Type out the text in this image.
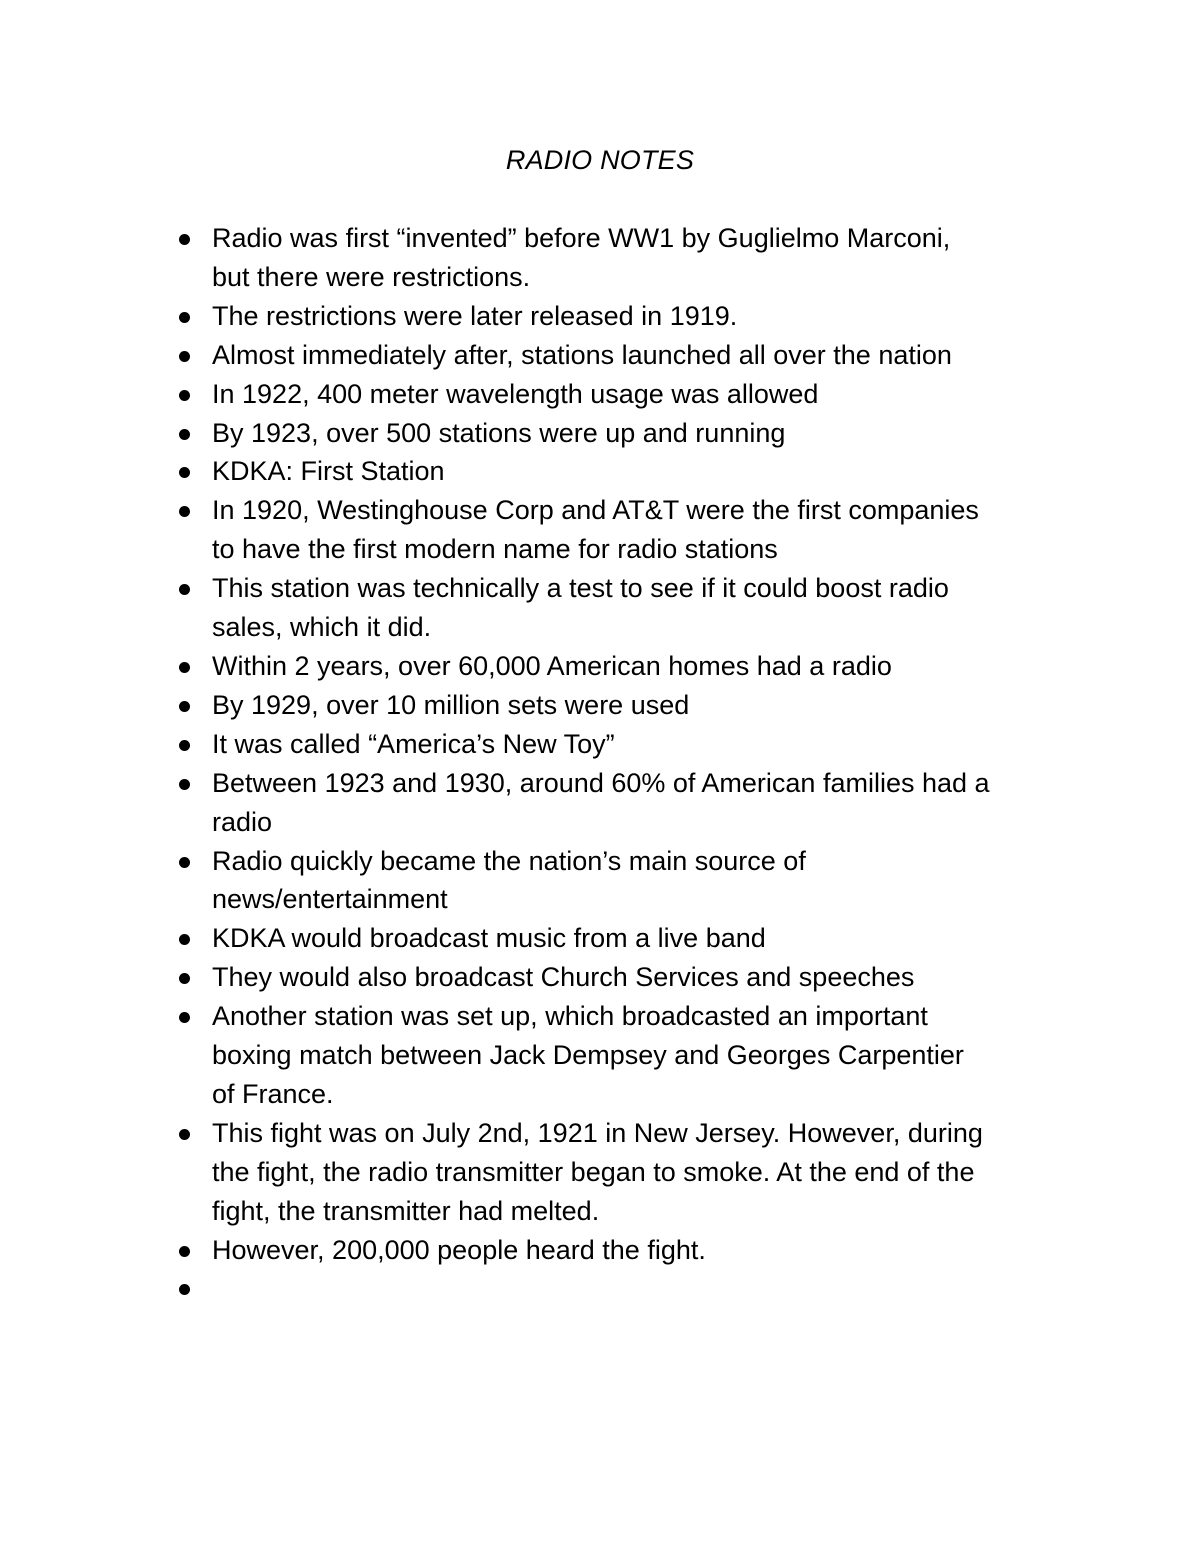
RADIO NOTES
Radio was first “invented” before WW1 by Guglielmo Marconi,
but there were restrictions.
The restrictions were later released in 1919.
Almost immediately after, stations launched all over the nation
In 1922, 400 meter wavelength usage was allowed
By 1923, over 500 stations were up and running
KDKA: First Station
In 1920, Westinghouse Corp and AT&T were the first companies
to have the first modern name for radio stations
This station was technically a test to see if it could boost radio
sales, which it did.
Within 2 years, over 60,000 American homes had a radio
By 1929, over 10 million sets were used
It was called “America’s New Toy”
Between 1923 and 1930, around 60% of American families had a
radio
Radio quickly became the nation’s main source of
news/entertainment
KDKA would broadcast music from a live band
They would also broadcast Church Services and speeches
Another station was set up, which broadcasted an important
boxing match between Jack Dempsey and Georges Carpentier
of France.
This fight was on July 2nd, 1921 in New Jersey. However, during
the fight, the radio transmitter began to smoke. At the end of the
fight, the transmitter had melted.
However, 200,000 people heard the fight.
